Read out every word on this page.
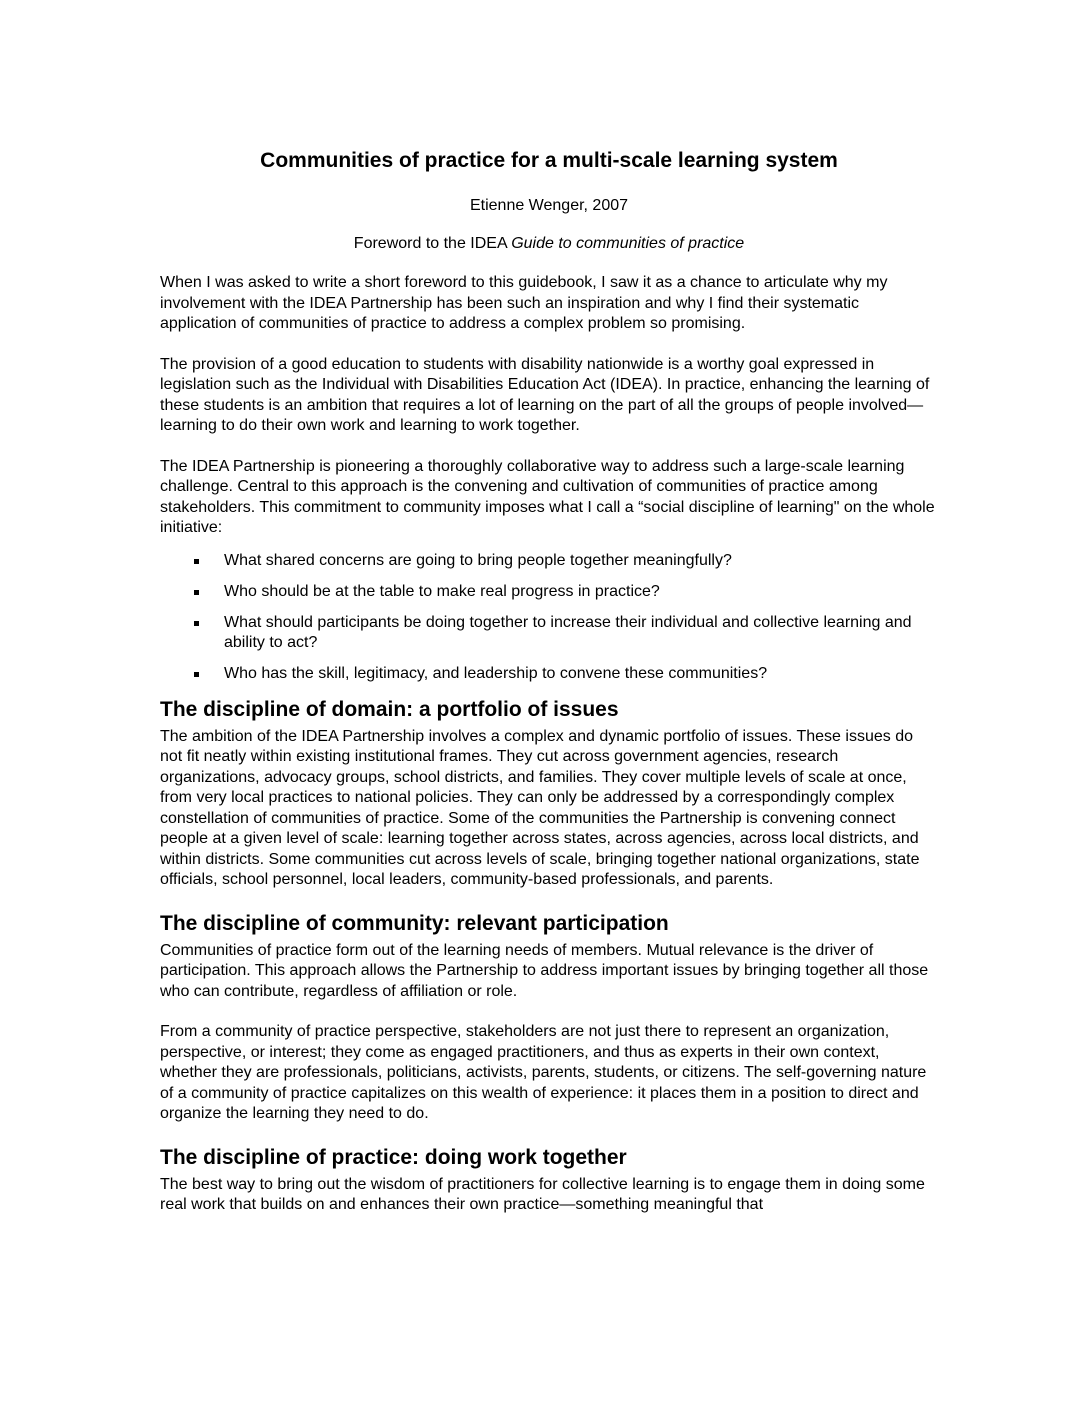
Communities of practice for a multi-scale learning system
Etienne Wenger, 2007
Foreword to the IDEA Guide to communities of practice

When I was asked to write a short foreword to this guidebook, I saw it as a chance to articulate why my involvement with the IDEA Partnership has been such an inspiration and why I find their systematic application of communities of practice to address a complex problem so promising.

The provision of a good education to students with disability nationwide is a worthy goal expressed in legislation such as the Individual with Disabilities Education Act (IDEA). In practice, enhancing the learning of these students is an ambition that requires a lot of learning on the part of all the groups of people involved—learning to do their own work and learning to work together.

The IDEA Partnership is pioneering a thoroughly collaborative way to address such a large-scale learning challenge. Central to this approach is the convening and cultivation of communities of practice among stakeholders. This commitment to community imposes what I call a “social discipline of learning" on the whole initiative:

What shared concerns are going to bring people together meaningfully?
Who should be at the table to make real progress in practice?
What should participants be doing together to increase their individual and collective learning and ability to act?
Who has the skill, legitimacy, and leadership to convene these communities?
The discipline of domain: a portfolio of issues

The ambition of the IDEA Partnership involves a complex and dynamic portfolio of issues. These issues do not fit neatly within existing institutional frames. They cut across government agencies, research organizations, advocacy groups, school districts, and families. They cover multiple levels of scale at once, from very local practices to national policies. They can only be addressed by a correspondingly complex constellation of communities of practice. Some of the communities the Partnership is convening connect people at a given level of scale: learning together across states, across agencies, across local districts, and within districts. Some communities cut across levels of scale, bringing together national organizations, state officials, school personnel, local leaders, community-based professionals, and parents.

The discipline of community: relevant participation

Communities of practice form out of the learning needs of members. Mutual relevance is the driver of participation. This approach allows the Partnership to address important issues by bringing together all those who can contribute, regardless of affiliation or role.

From a community of practice perspective, stakeholders are not just there to represent an organization, perspective, or interest; they come as engaged practitioners, and thus as experts in their own context, whether they are professionals, politicians, activists, parents, students, or citizens. The self-governing nature of a community of practice capitalizes on this wealth of experience: it places them in a position to direct and organize the learning they need to do.

The discipline of practice: doing work together

The best way to bring out the wisdom of practitioners for collective learning is to engage them in doing some real work that builds on and enhances their own practice—something meaningful that
